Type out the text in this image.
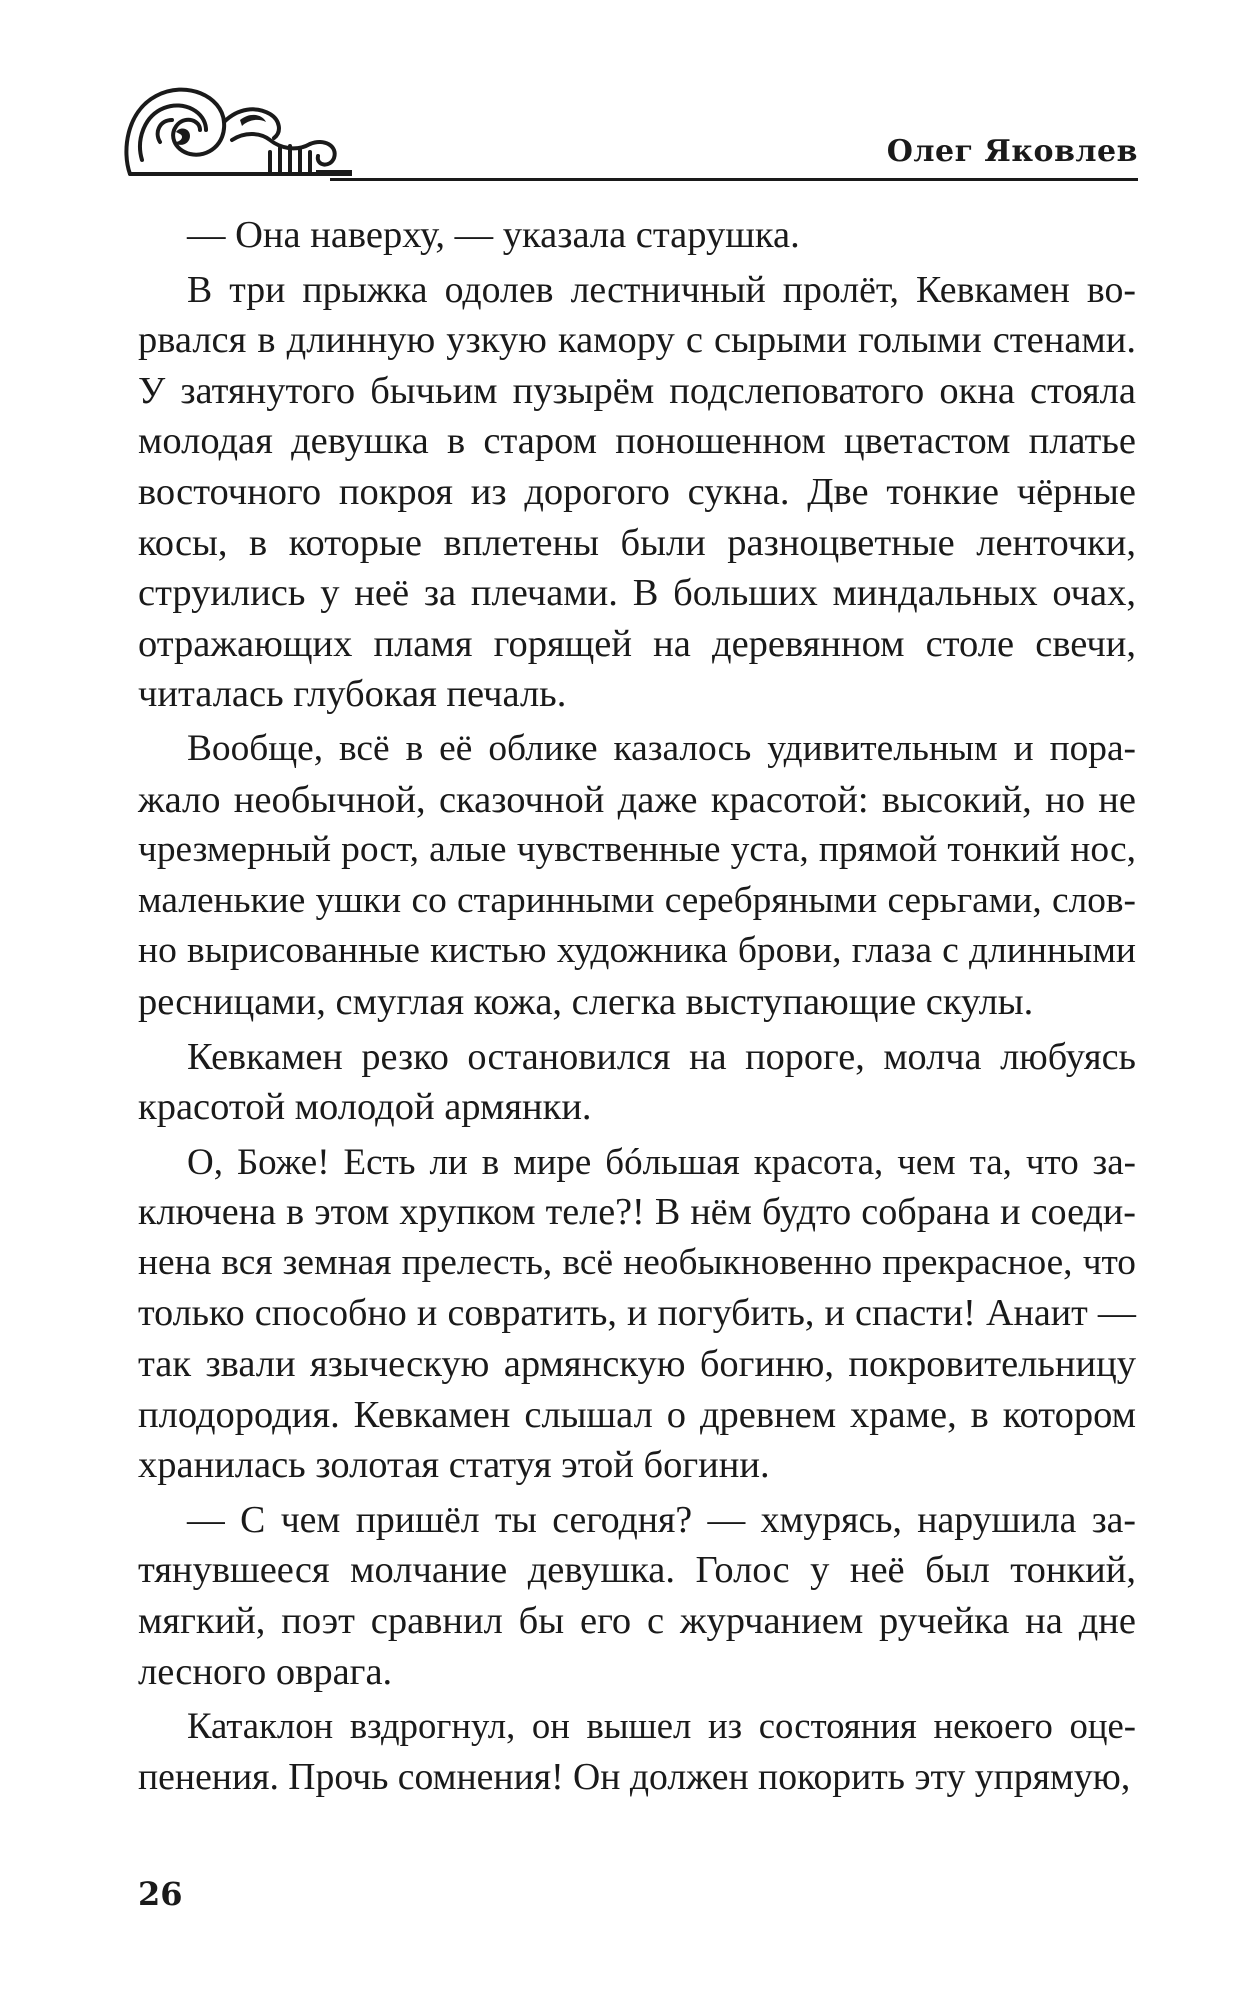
Олег Яковлев
— Она наверху, — указала старушка.
В три прыжка одолев лестничный пролёт, Кевкамен во-
рвался в длинную узкую камору с сырыми голыми стенами.
У затянутого бычьим пузырём подслеповатого окна стояла
молодая девушка в старом поношенном цветастом платье
восточного покроя из дорогого сукна. Две тонкие чёрные
косы, в которые вплетены были разноцветные ленточки,
струились у неё за плечами. В больших миндальных очах,
отражающих пламя горящей на деревянном столе свечи,
читалась глубокая печаль.
Вообще, всё в её облике казалось удивительным и пора-
жало необычной, сказочной даже красотой: высокий, но не
чрезмерный рост, алые чувственные уста, прямой тонкий нос,
маленькие ушки со старинными серебряными серьгами, слов-
но вырисованные кистью художника брови, глаза с длинными
ресницами, смуглая кожа, слегка выступающие скулы.
Кевкамен резко остановился на пороге, молча любуясь
красотой молодой армянки.
О, Боже! Есть ли в мире бóльшая красота, чем та, что за-
ключена в этом хрупком теле?! В нём будто собрана и соеди-
нена вся земная прелесть, всё необыкновенно прекрасное, что
только способно и совратить, и погубить, и спасти! Анаит —
так звали языческую армянскую богиню, покровительницу
плодородия. Кевкамен слышал о древнем храме, в котором
хранилась золотая статуя этой богини.
— С чем пришёл ты сегодня? — хмурясь, нарушила за-
тянувшееся молчание девушка. Голос у неё был тонкий,
мягкий, поэт сравнил бы его с журчанием ручейка на дне
лесного оврага.
Катаклон вздрогнул, он вышел из состояния некоего оце-
пенения. Прочь сомнения! Он должен покорить эту упрямую,
26
